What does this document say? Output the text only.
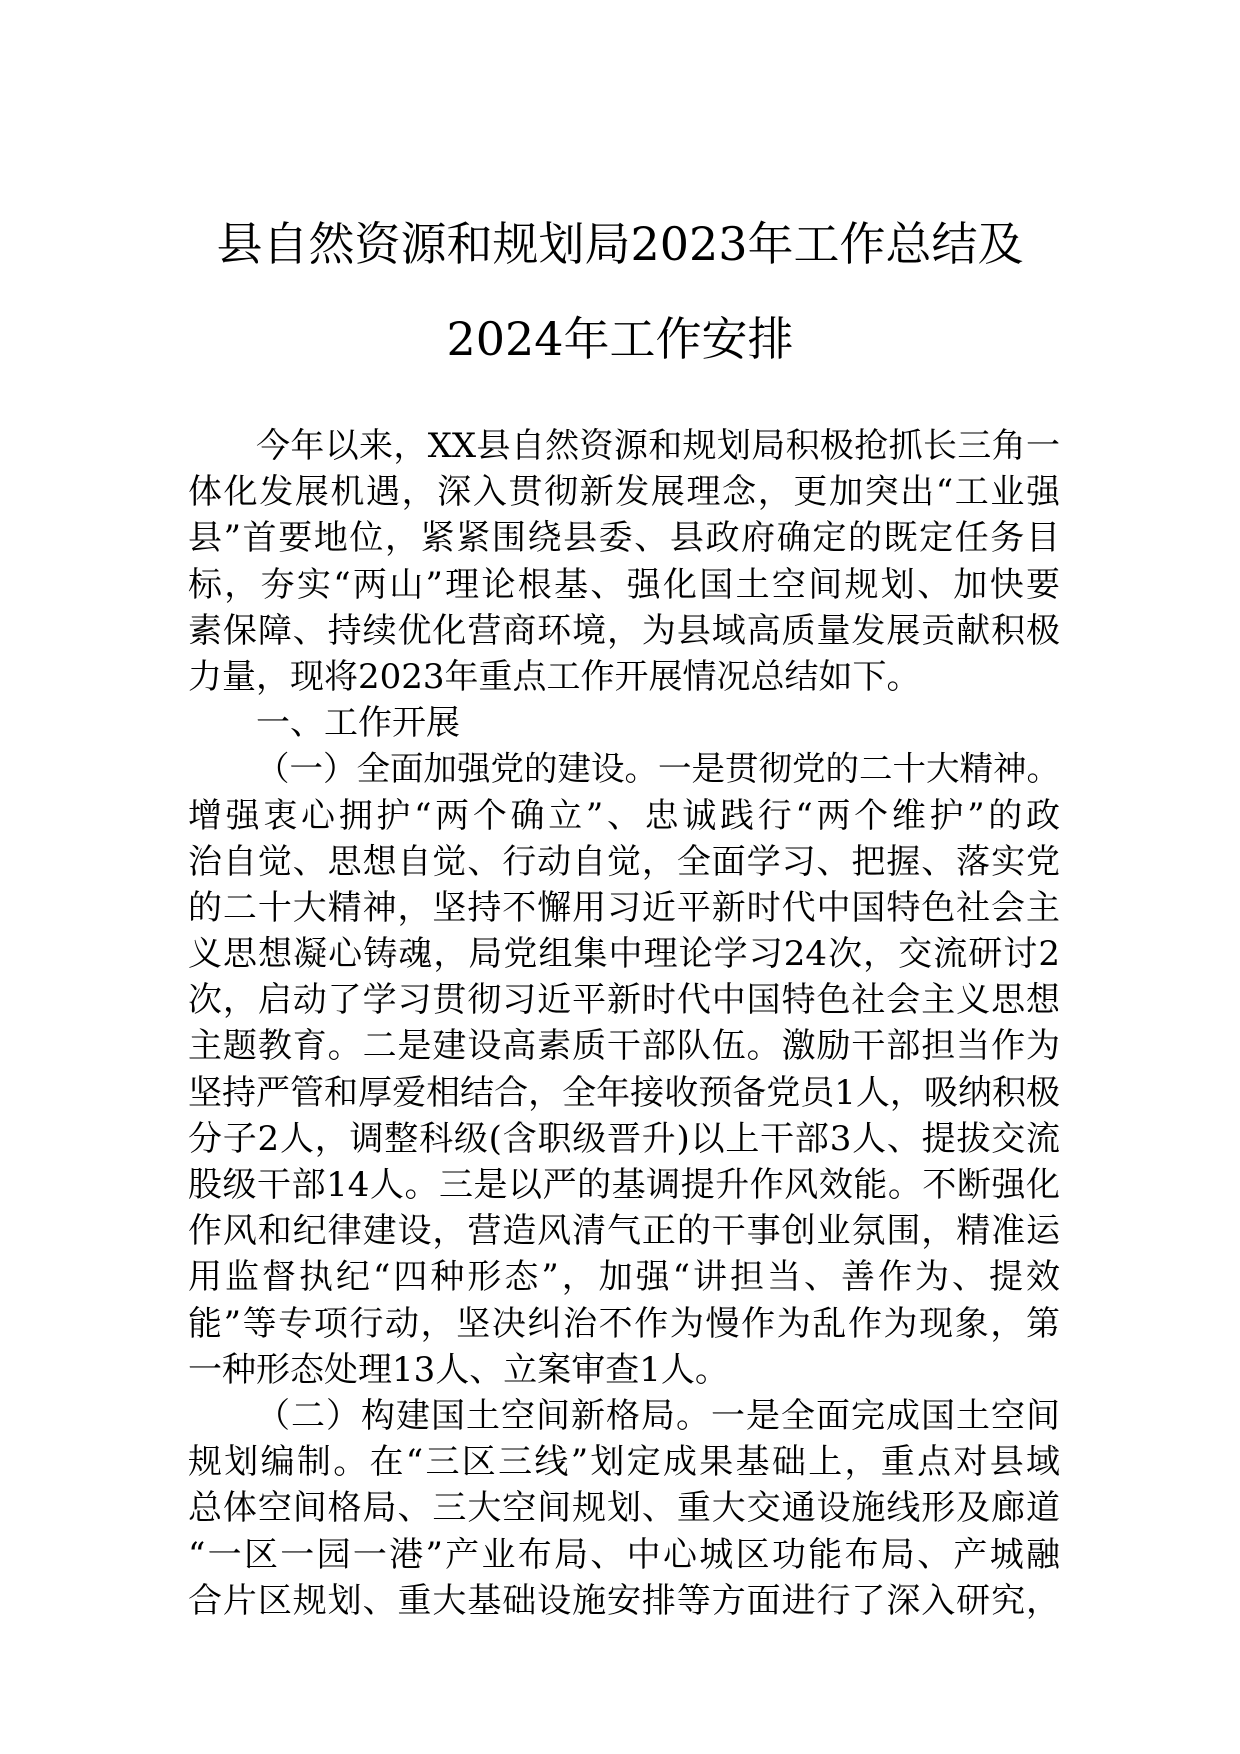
县自然资源和规划局2023年工作总结及
2024年工作安排
今年以来，XX县自然资源和规划局积极抢抓长三角一
体化发展机遇，深入贯彻新发展理念，更加突出“工业强
县”首要地位，紧紧围绕县委、县政府确定的既定任务目
标，夯实“两山”理论根基、强化国土空间规划、加快要
素保障、持续优化营商环境，为县域高质量发展贡献积极
力量，现将2023年重点工作开展情况总结如下。
一、工作开展
（一）全面加强党的建设。一是贯彻党的二十大精神。
增强衷心拥护“两个确立”、忠诚践行“两个维护”的政
治自觉、思想自觉、行动自觉，全面学习、把握、落实党
的二十大精神，坚持不懈用习近平新时代中国特色社会主
义思想凝心铸魂，局党组集中理论学习24次，交流研讨2
次，启动了学习贯彻习近平新时代中国特色社会主义思想
主题教育。二是建设高素质干部队伍。激励干部担当作为
坚持严管和厚爱相结合，全年接收预备党员1人，吸纳积极
分子2人，调整科级(含职级晋升)以上干部3人、提拔交流
股级干部14人。三是以严的基调提升作风效能。不断强化
作风和纪律建设，营造风清气正的干事创业氛围，精准运
用监督执纪“四种形态”，加强“讲担当、善作为、提效
能”等专项行动，坚决纠治不作为慢作为乱作为现象，第
一种形态处理13人、立案审查1人。
（二）构建国土空间新格局。一是全面完成国土空间
规划编制。在“三区三线”划定成果基础上，重点对县域
总体空间格局、三大空间规划、重大交通设施线形及廊道
“一区一园一港”产业布局、中心城区功能布局、产城融
合片区规划、重大基础设施安排等方面进行了深入研究，
